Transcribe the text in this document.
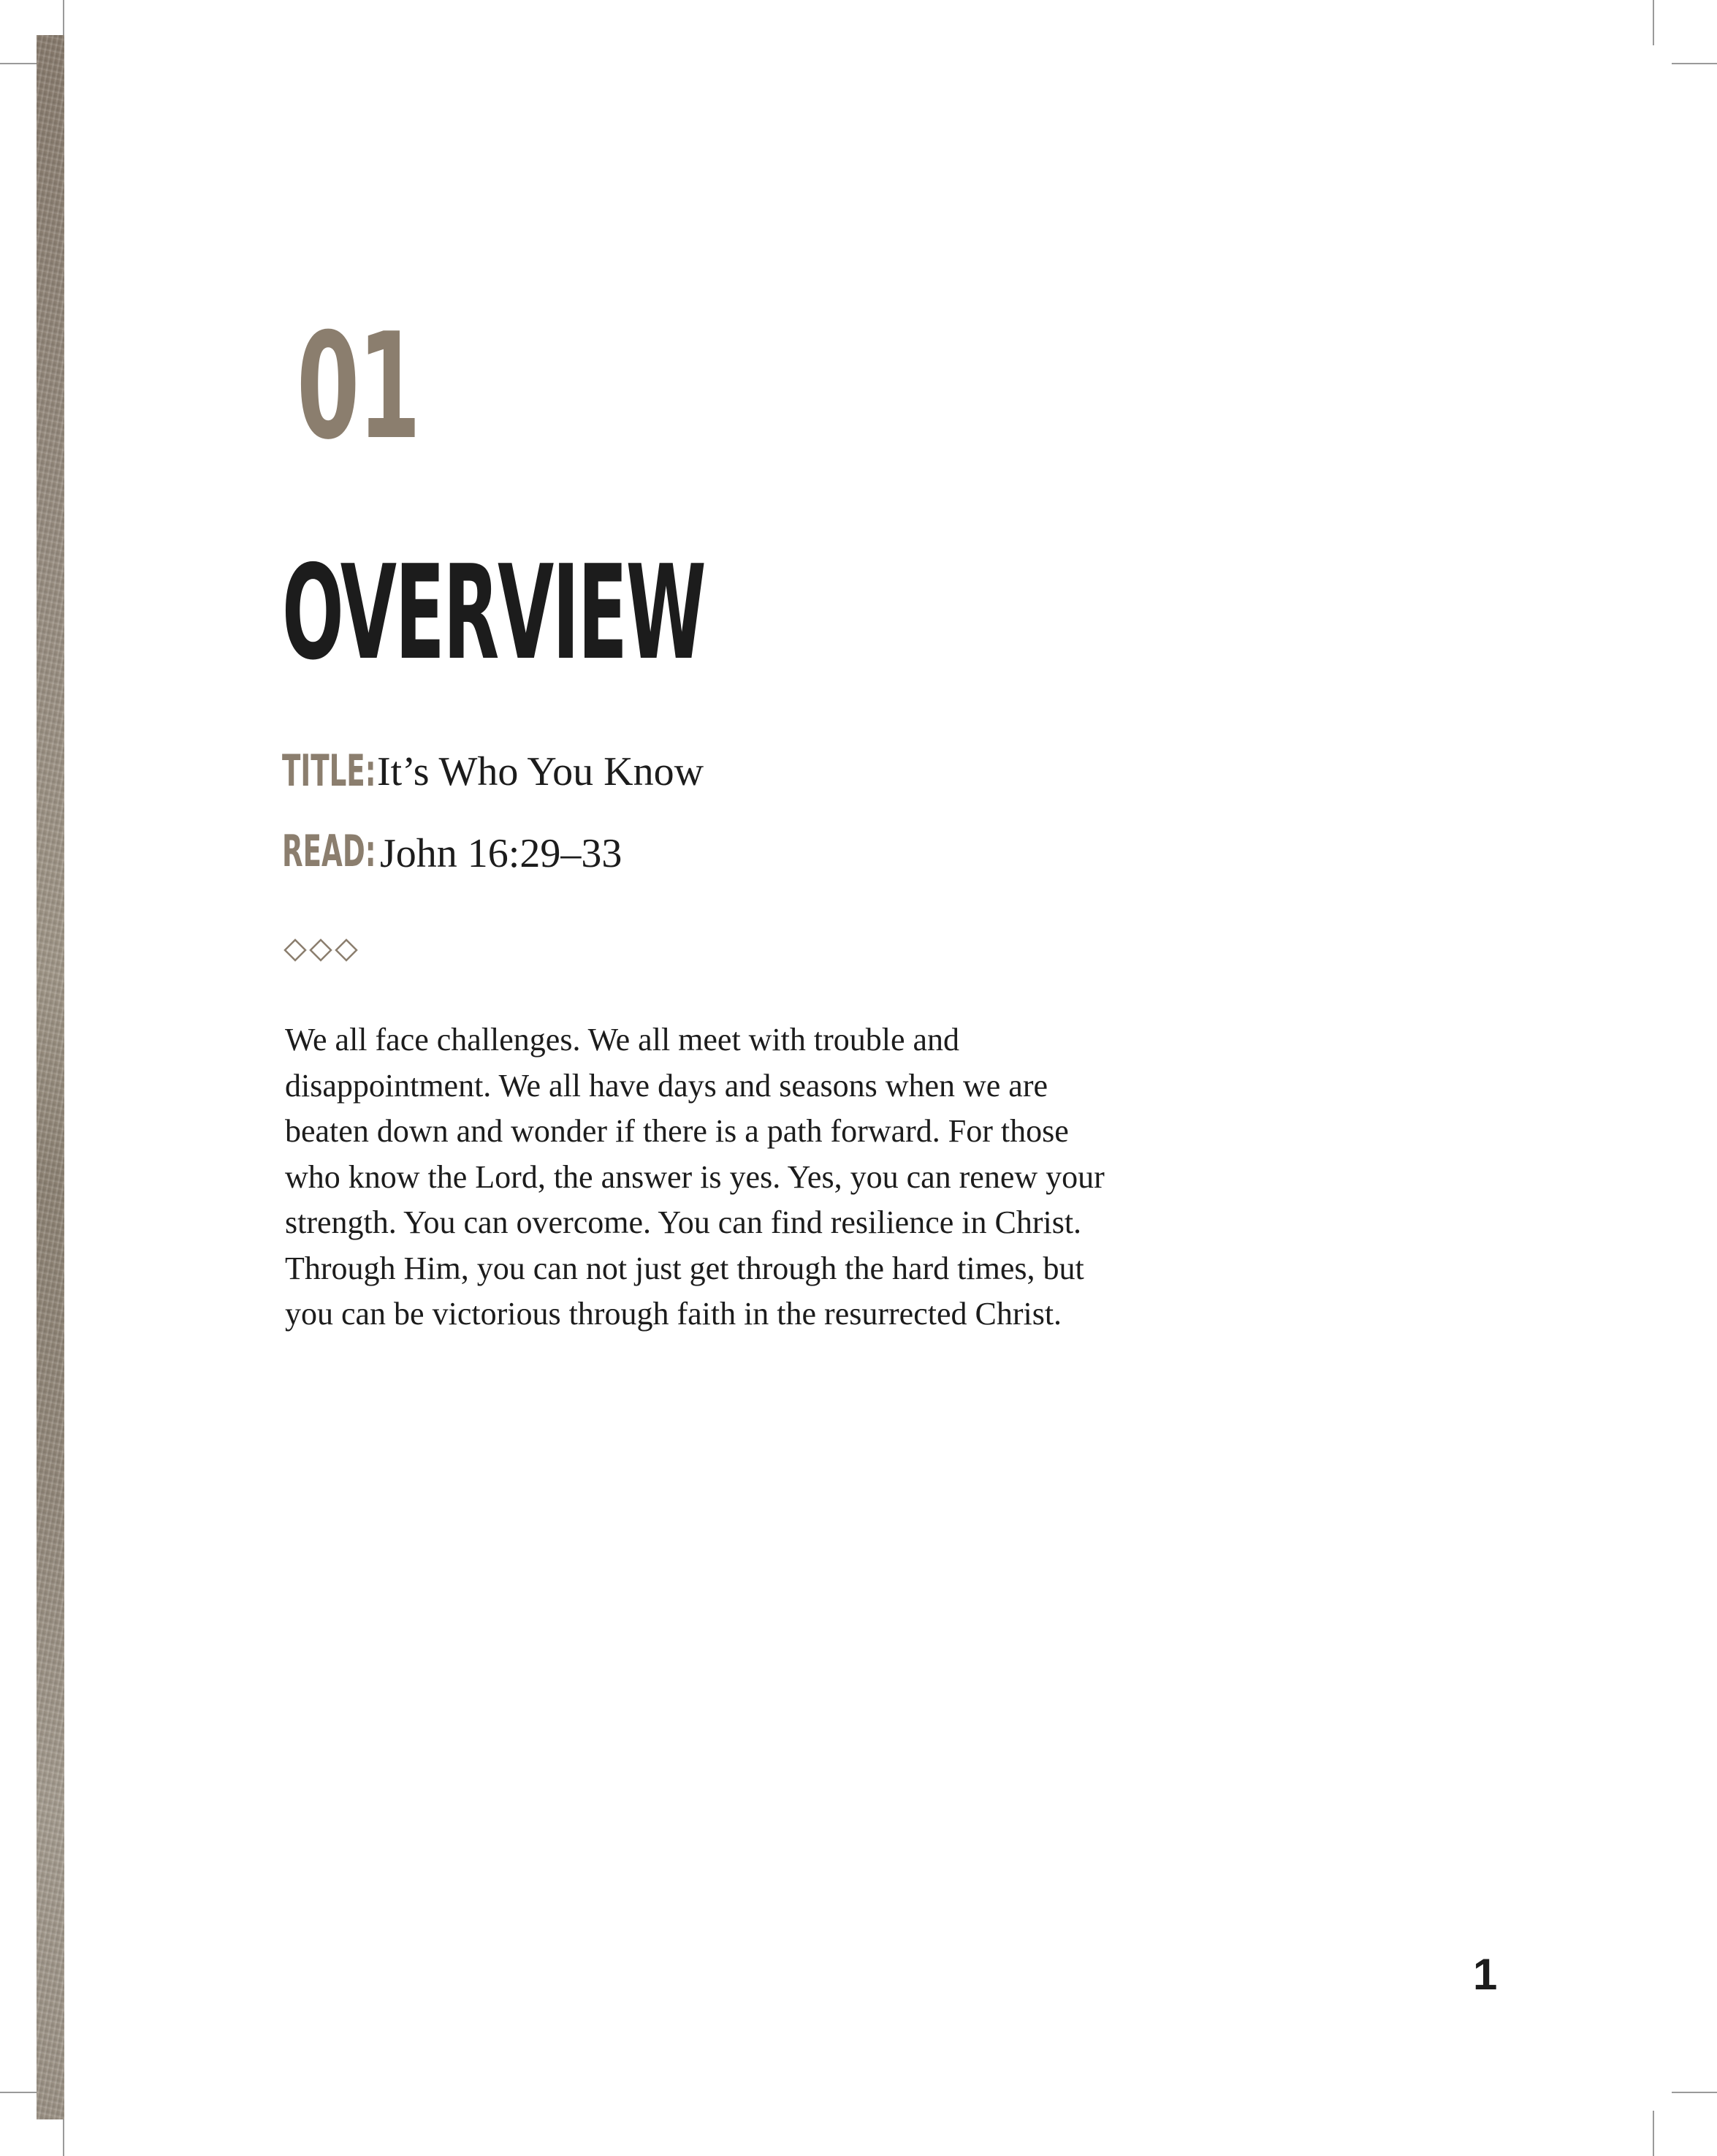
01
OVERVIEW
TITLE: It’s Who You Know
READ: John 16:29–33

We all face challenges. We all meet with trouble and disappointment. We all have days and seasons when we are beaten down and wonder if there is a path forward. For those who know the Lord, the answer is yes. Yes, you can renew your strength. You can overcome. You can find resilience in Christ. Through Him, you can not just get through the hard times, but you can be victorious through faith in the resurrected Christ.

1
